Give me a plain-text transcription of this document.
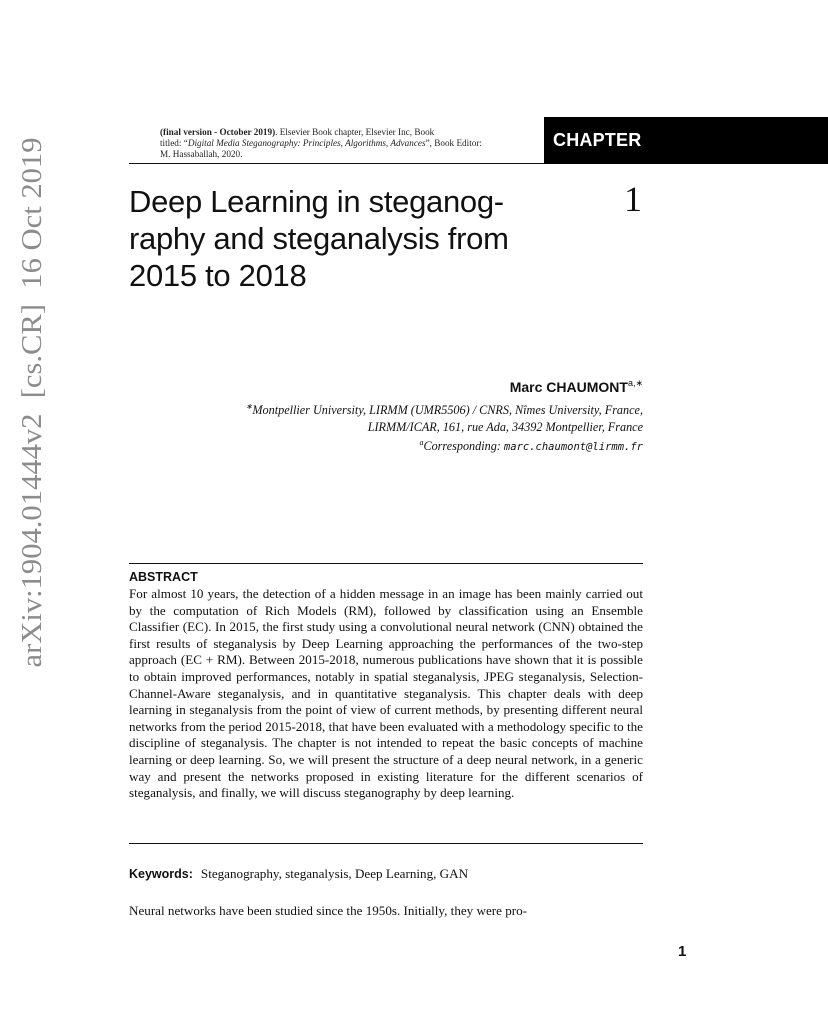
arXiv:1904.01444v2  [cs.CR]  16 Oct 2019
(final version - October 2019). Elsevier Book chapter, Elsevier Inc, Book
titled: “Digital Media Steganography: Principles, Algorithms, Advances”, Book Editor:
M. Hassaballah, 2020.
CHAPTER
1
Deep Learning in steganog-
raphy and steganalysis from
2015 to 2018
Marc $CHAUMONT^{a,∗}$
∗Montpellier University, LIRMM (UMR5506) / CNRS, Nîmes University, France,
LIRMM/ICAR, 161, rue Ada, 34392 Montpellier, France
$^a$Corresponding: marc.chaumont@lirmm.fr
ABSTRACT

For almost 10 years, the detection of a hidden message in an image has been mainly carried out by the computation of Rich Models (RM), followed by classification using an Ensemble Classifier (EC). In 2015, the first study using a convolutional neural network (CNN) obtained the first results of steganalysis by Deep Learning approaching the performances of the two-step approach (EC + RM). Between 2015-2018, numerous publications have shown that it is possible to obtain improved performances, notably in spatial steganalysis, JPEG steganalysis, Selection-Channel-Aware steganalysis, and in quantitative steganalysis. This chapter deals with deep learning in steganalysis from the point of view of current methods, by presenting different neural networks from the period 2015-2018, that have been evaluated with a methodology specific to the discipline of steganalysis. The chapter is not intended to repeat the basic concepts of machine learning or deep learning. So, we will present the structure of a deep neural network, in a generic way and present the networks proposed in existing literature for the different scenarios of steganalysis, and finally, we will discuss steganography by deep learning.

Keywords: Steganography, steganalysis, Deep Learning, GAN
Neural networks have been studied since the 1950s. Initially, they were pro-
1
